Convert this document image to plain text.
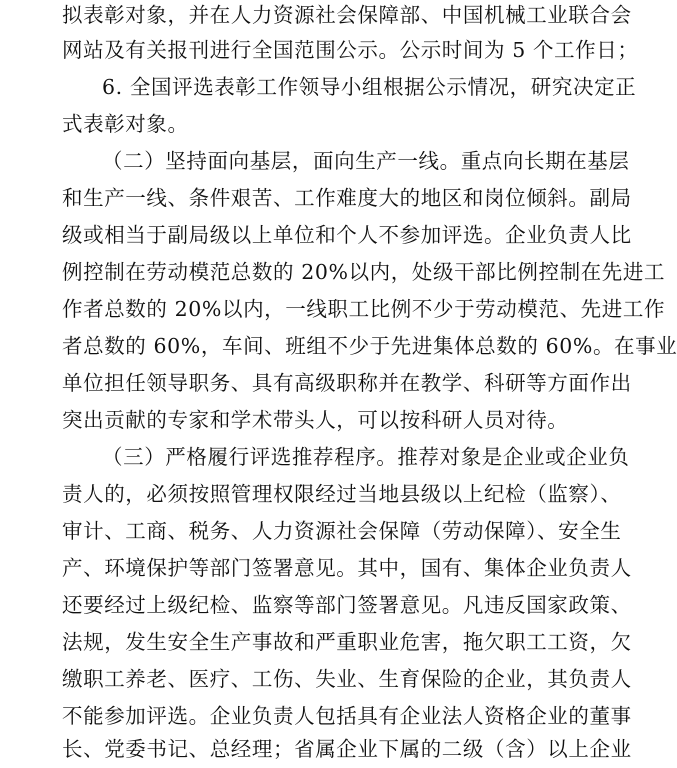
拟表彰对象，并在人力资源社会保障部、中国机械工业联合会
网站及有关报刊进行全国范围公示。公示时间为 5 个工作日；
6. 全国评选表彰工作领导小组根据公示情况，研究决定正
式表彰对象。
（二）坚持面向基层，面向生产一线。重点向长期在基层
和生产一线、条件艰苦、工作难度大的地区和岗位倾斜。副局
级或相当于副局级以上单位和个人不参加评选。企业负责人比
例控制在劳动模范总数的 20%以内，处级干部比例控制在先进工
作者总数的 20%以内，一线职工比例不少于劳动模范、先进工作
者总数的 60%，车间、班组不少于先进集体总数的 60%。在事业
单位担任领导职务、具有高级职称并在教学、科研等方面作出
突出贡献的专家和学术带头人，可以按科研人员对待。
（三）严格履行评选推荐程序。推荐对象是企业或企业负
责人的，必须按照管理权限经过当地县级以上纪检（监察）、
审计、工商、税务、人力资源社会保障（劳动保障）、安全生
产、环境保护等部门签署意见。其中，国有、集体企业负责人
还要经过上级纪检、监察等部门签署意见。凡违反国家政策、
法规，发生安全生产事故和严重职业危害，拖欠职工工资，欠
缴职工养老、医疗、工伤、失业、生育保险的企业，其负责人
不能参加评选。企业负责人包括具有企业法人资格企业的董事
长、党委书记、总经理；省属企业下属的二级（含）以上企业
